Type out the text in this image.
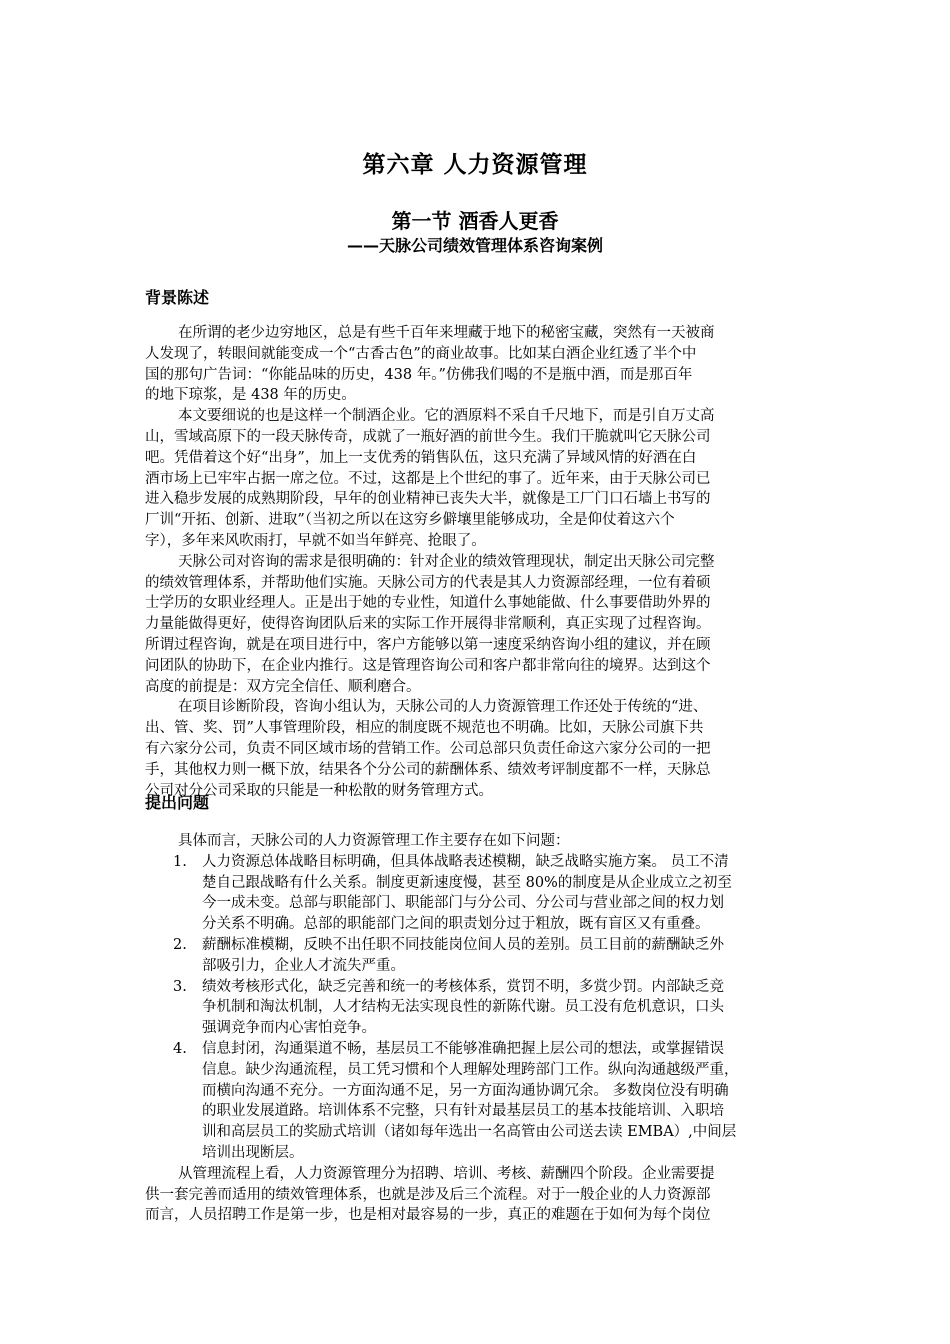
第六章 人力资源管理
第一节 酒香人更香
——天脉公司绩效管理体系咨询案例
背景陈述
在所谓的老少边穷地区，总是有些千百年来埋藏于地下的秘密宝藏，突然有一天被商
人发现了，转眼间就能变成一个“古香古色”的商业故事。比如某白酒企业红透了半个中
国的那句广告词：“你能品味的历史，438 年。”仿佛我们喝的不是瓶中酒，而是那百年
的地下琼浆，是 438 年的历史。
本文要细说的也是这样一个制酒企业。它的酒原料不采自千尺地下，而是引自万丈高
山，雪域高原下的一段天脉传奇，成就了一瓶好酒的前世今生。我们干脆就叫它天脉公司
吧。凭借着这个好“出身”，加上一支优秀的销售队伍，这只充满了异域风情的好酒在白
酒市场上已牢牢占据一席之位。不过，这都是上个世纪的事了。近年来，由于天脉公司已
进入稳步发展的成熟期阶段，早年的创业精神已丧失大半，就像是工厂门口石墙上书写的
厂训“开拓、创新、进取”（当初之所以在这穷乡僻壤里能够成功，全是仰仗着这六个
字），多年来风吹雨打，早就不如当年鲜亮、抢眼了。
天脉公司对咨询的需求是很明确的：针对企业的绩效管理现状，制定出天脉公司完整
的绩效管理体系，并帮助他们实施。天脉公司方的代表是其人力资源部经理，一位有着硕
士学历的女职业经理人。正是出于她的专业性，知道什么事她能做、什么事要借助外界的
力量能做得更好，使得咨询团队后来的实际工作开展得非常顺利，真正实现了过程咨询。
所谓过程咨询，就是在项目进行中，客户方能够以第一速度采纳咨询小组的建议，并在顾
问团队的协助下，在企业内推行。这是管理咨询公司和客户都非常向往的境界。达到这个
高度的前提是：双方完全信任、顺利磨合。
在项目诊断阶段，咨询小组认为，天脉公司的人力资源管理工作还处于传统的“进、
出、管、奖、罚”人事管理阶段，相应的制度既不规范也不明确。比如，天脉公司旗下共
有六家分公司，负责不同区域市场的营销工作。公司总部只负责任命这六家分公司的一把
手，其他权力则一概下放，结果各个分公司的薪酬体系、绩效考评制度都不一样，天脉总
公司对分公司采取的只能是一种松散的财务管理方式。
提出问题
具体而言，天脉公司的人力资源管理工作主要存在如下问题：
1.	人力资源总体战略目标明确，但具体战略表述模糊，缺乏战略实施方案。 员工不清
楚自己跟战略有什么关系。制度更新速度慢，甚至 80%的制度是从企业成立之初至
今一成未变。总部与职能部门、职能部门与分公司、分公司与营业部之间的权力划
分关系不明确。总部的职能部门之间的职责划分过于粗放，既有盲区又有重叠。
2.	薪酬标准模糊，反映不出任职不同技能岗位间人员的差别。员工目前的薪酬缺乏外
部吸引力，企业人才流失严重。
3.	绩效考核形式化，缺乏完善和统一的考核体系，赏罚不明，多赏少罚。内部缺乏竞
争机制和淘汰机制，人才结构无法实现良性的新陈代谢。员工没有危机意识，口头
强调竞争而内心害怕竞争。
4.	信息封闭，沟通渠道不畅，基层员工不能够准确把握上层公司的想法，或掌握错误
信息。缺少沟通流程，员工凭习惯和个人理解处理跨部门工作。纵向沟通越级严重，
而横向沟通不充分。一方面沟通不足，另一方面沟通协调冗余。 多数岗位没有明确
的职业发展道路。培训体系不完整，只有针对最基层员工的基本技能培训、入职培
训和高层员工的奖励式培训（诸如每年选出一名高管由公司送去读 EMBA）,中间层
培训出现断层。
从管理流程上看，人力资源管理分为招聘、培训、考核、薪酬四个阶段。企业需要提
供一套完善而适用的绩效管理体系，也就是涉及后三个流程。对于一般企业的人力资源部
而言，人员招聘工作是第一步，也是相对最容易的一步，真正的难题在于如何为每个岗位
